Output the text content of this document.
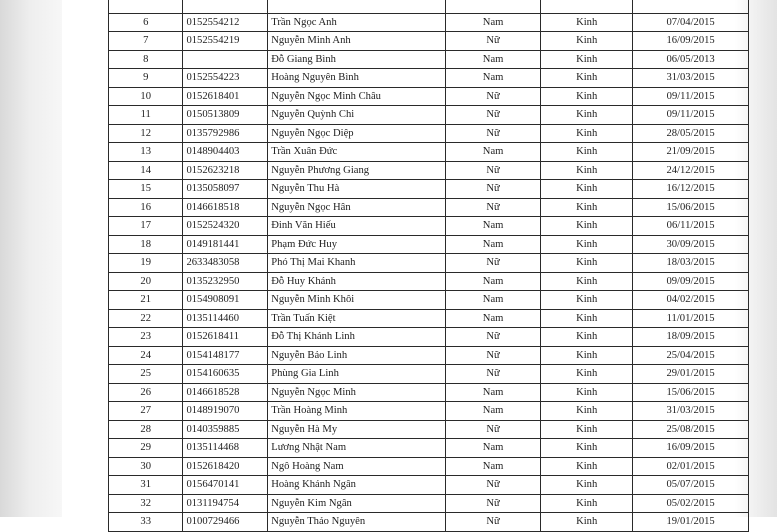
6	0152554212	Trần Ngọc Anh	Nam	Kinh	07/04/2015
7	0152554219	Nguyễn Minh Anh	Nữ	Kinh	16/09/2015
8		Đỗ Giang Bình	Nam	Kinh	06/05/2013
9	0152554223	Hoàng Nguyên Bình	Nam	Kinh	31/03/2015
10	0152618401	Nguyễn Ngọc Minh Châu	Nữ	Kinh	09/11/2015
11	0150513809	Nguyễn Quỳnh Chi	Nữ	Kinh	09/11/2015
12	0135792986	Nguyễn Ngọc Diệp	Nữ	Kinh	28/05/2015
13	0148904403	Trần Xuân Đức	Nam	Kinh	21/09/2015
14	0152623218	Nguyễn Phương Giang	Nữ	Kinh	24/12/2015
15	0135058097	Nguyễn Thu Hà	Nữ	Kinh	16/12/2015
16	0146618518	Nguyễn Ngọc Hân	Nữ	Kinh	15/06/2015
17	0152524320	Đinh Văn Hiếu	Nam	Kinh	06/11/2015
18	0149181441	Phạm Đức Huy	Nam	Kinh	30/09/2015
19	2633483058	Phó Thị Mai Khanh	Nữ	Kinh	18/03/2015
20	0135232950	Đỗ Huy Khánh	Nam	Kinh	09/09/2015
21	0154908091	Nguyễn Minh Khôi	Nam	Kinh	04/02/2015
22	0135114460	Trần Tuấn Kiệt	Nam	Kinh	11/01/2015
23	0152618411	Đỗ Thị Khánh Linh	Nữ	Kinh	18/09/2015
24	0154148177	Nguyễn Bảo Linh	Nữ	Kinh	25/04/2015
25	0154160635	Phùng Gia Linh	Nữ	Kinh	29/01/2015
26	0146618528	Nguyễn Ngọc Minh	Nam	Kinh	15/06/2015
27	0148919070	Trần Hoàng Minh	Nam	Kinh	31/03/2015
28	0140359885	Nguyễn Hà My	Nữ	Kinh	25/08/2015
29	0135114468	Lương Nhật Nam	Nam	Kinh	16/09/2015
30	0152618420	Ngô Hoàng Nam	Nam	Kinh	02/01/2015
31	0156470141	Hoàng Khánh Ngân	Nữ	Kinh	05/07/2015
32	0131194754	Nguyễn Kim Ngân	Nữ	Kinh	05/02/2015
33	0100729466	Nguyễn Thảo Nguyên	Nữ	Kinh	19/01/2015
